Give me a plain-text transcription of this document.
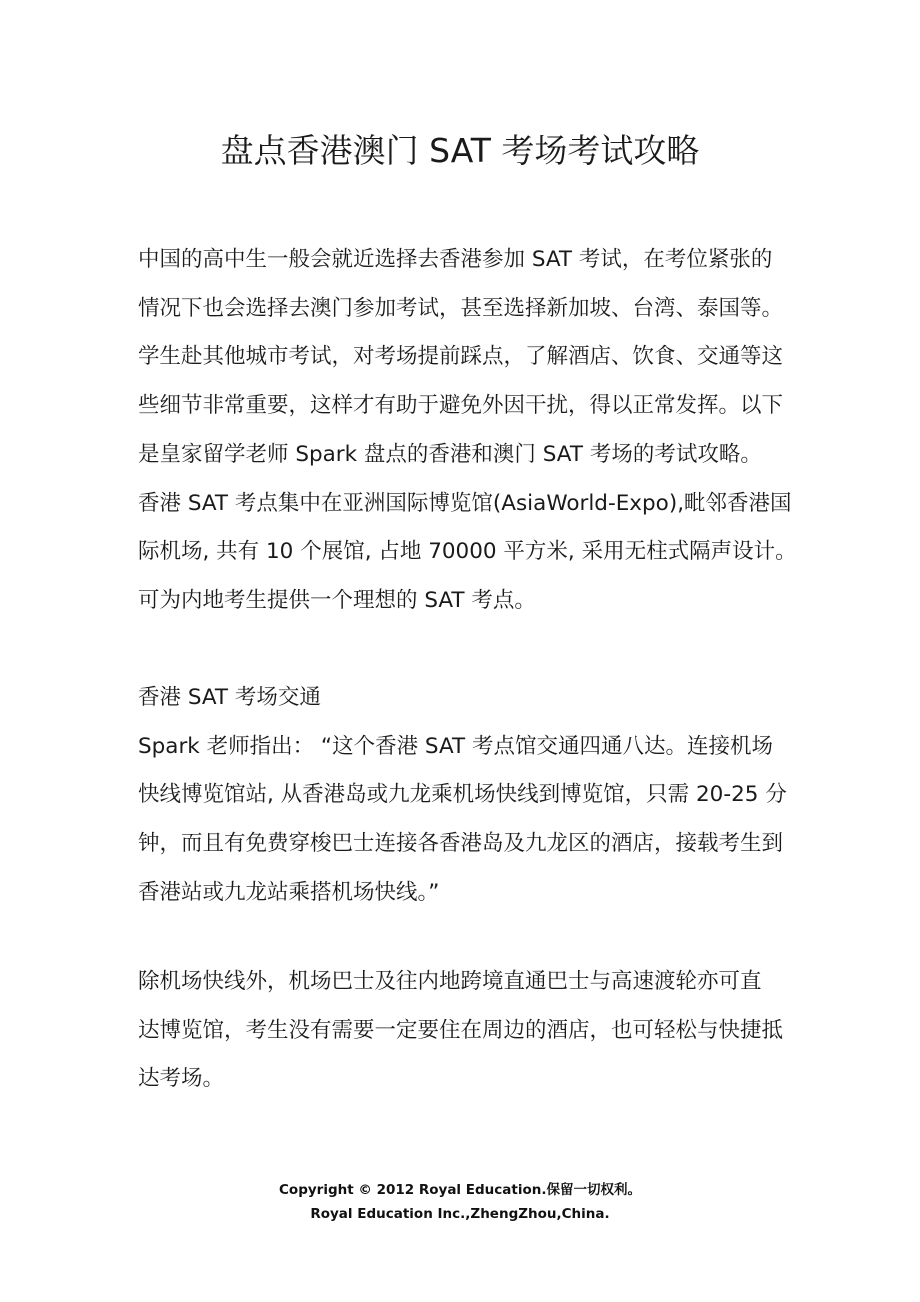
盘点香港澳门 SAT 考场考试攻略
中国的高中生一般会就近选择去香港参加 SAT 考试，在考位紧张的
情况下也会选择去澳门参加考试，甚至选择新加坡、台湾、泰国等。
学生赴其他城市考试，对考场提前踩点，了解酒店、饮食、交通等这
些细节非常重要，这样才有助于避免外因干扰，得以正常发挥。以下
是皇家留学老师 Spark 盘点的香港和澳门 SAT 考场的考试攻略。
香港 SAT 考点集中在亚洲国际博览馆(AsiaWorld-Expo),毗邻香港国
际机场, 共有 10 个展馆, 占地 70000 平方米, 采用无柱式隔声设计。
可为内地考生提供一个理想的 SAT 考点。
香港 SAT 考场交通
Spark 老师指出： “这个香港 SAT 考点馆交通四通八达。连接机场
快线博览馆站, 从香港岛或九龙乘机场快线到博览馆，只需 20-25 分
钟，而且有免费穿梭巴士连接各香港岛及九龙区的酒店，接载考生到
香港站或九龙站乘搭机场快线。”
除机场快线外，机场巴士及往内地跨境直通巴士与高速渡轮亦可直
达博览馆，考生没有需要一定要住在周边的酒店，也可轻松与快捷抵
达考场。
Copyright © 2012 Royal Education.保留一切权利。
Royal Education Inc.,ZhengZhou,China.
